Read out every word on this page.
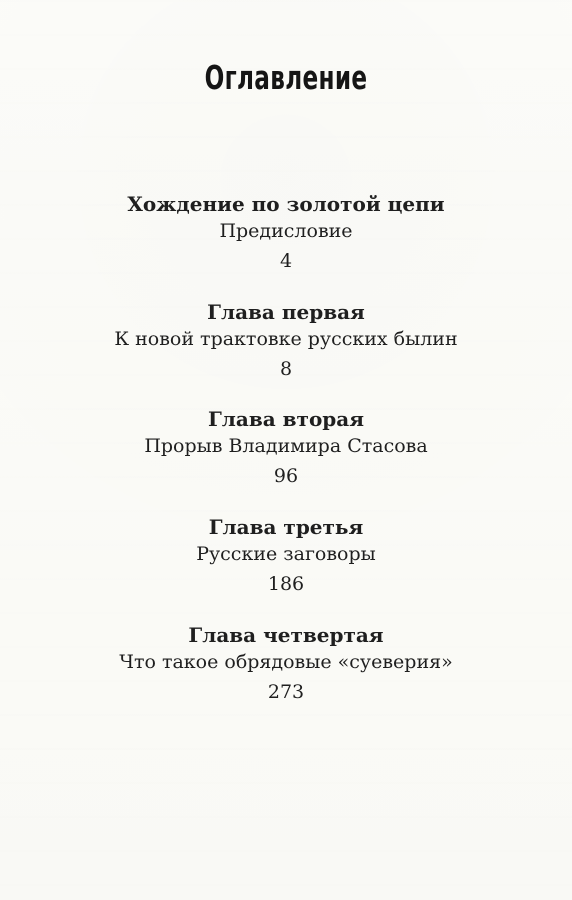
Оглавление
Хождение по золотой цепи
Предисловие
4
Глава первая
К новой трактовке русских былин
8
Глава вторая
Прорыв Владимира Стасова
96
Глава третья
Русские заговоры
186
Глава четвертая
Что такое обрядовые «суеверия»
273
